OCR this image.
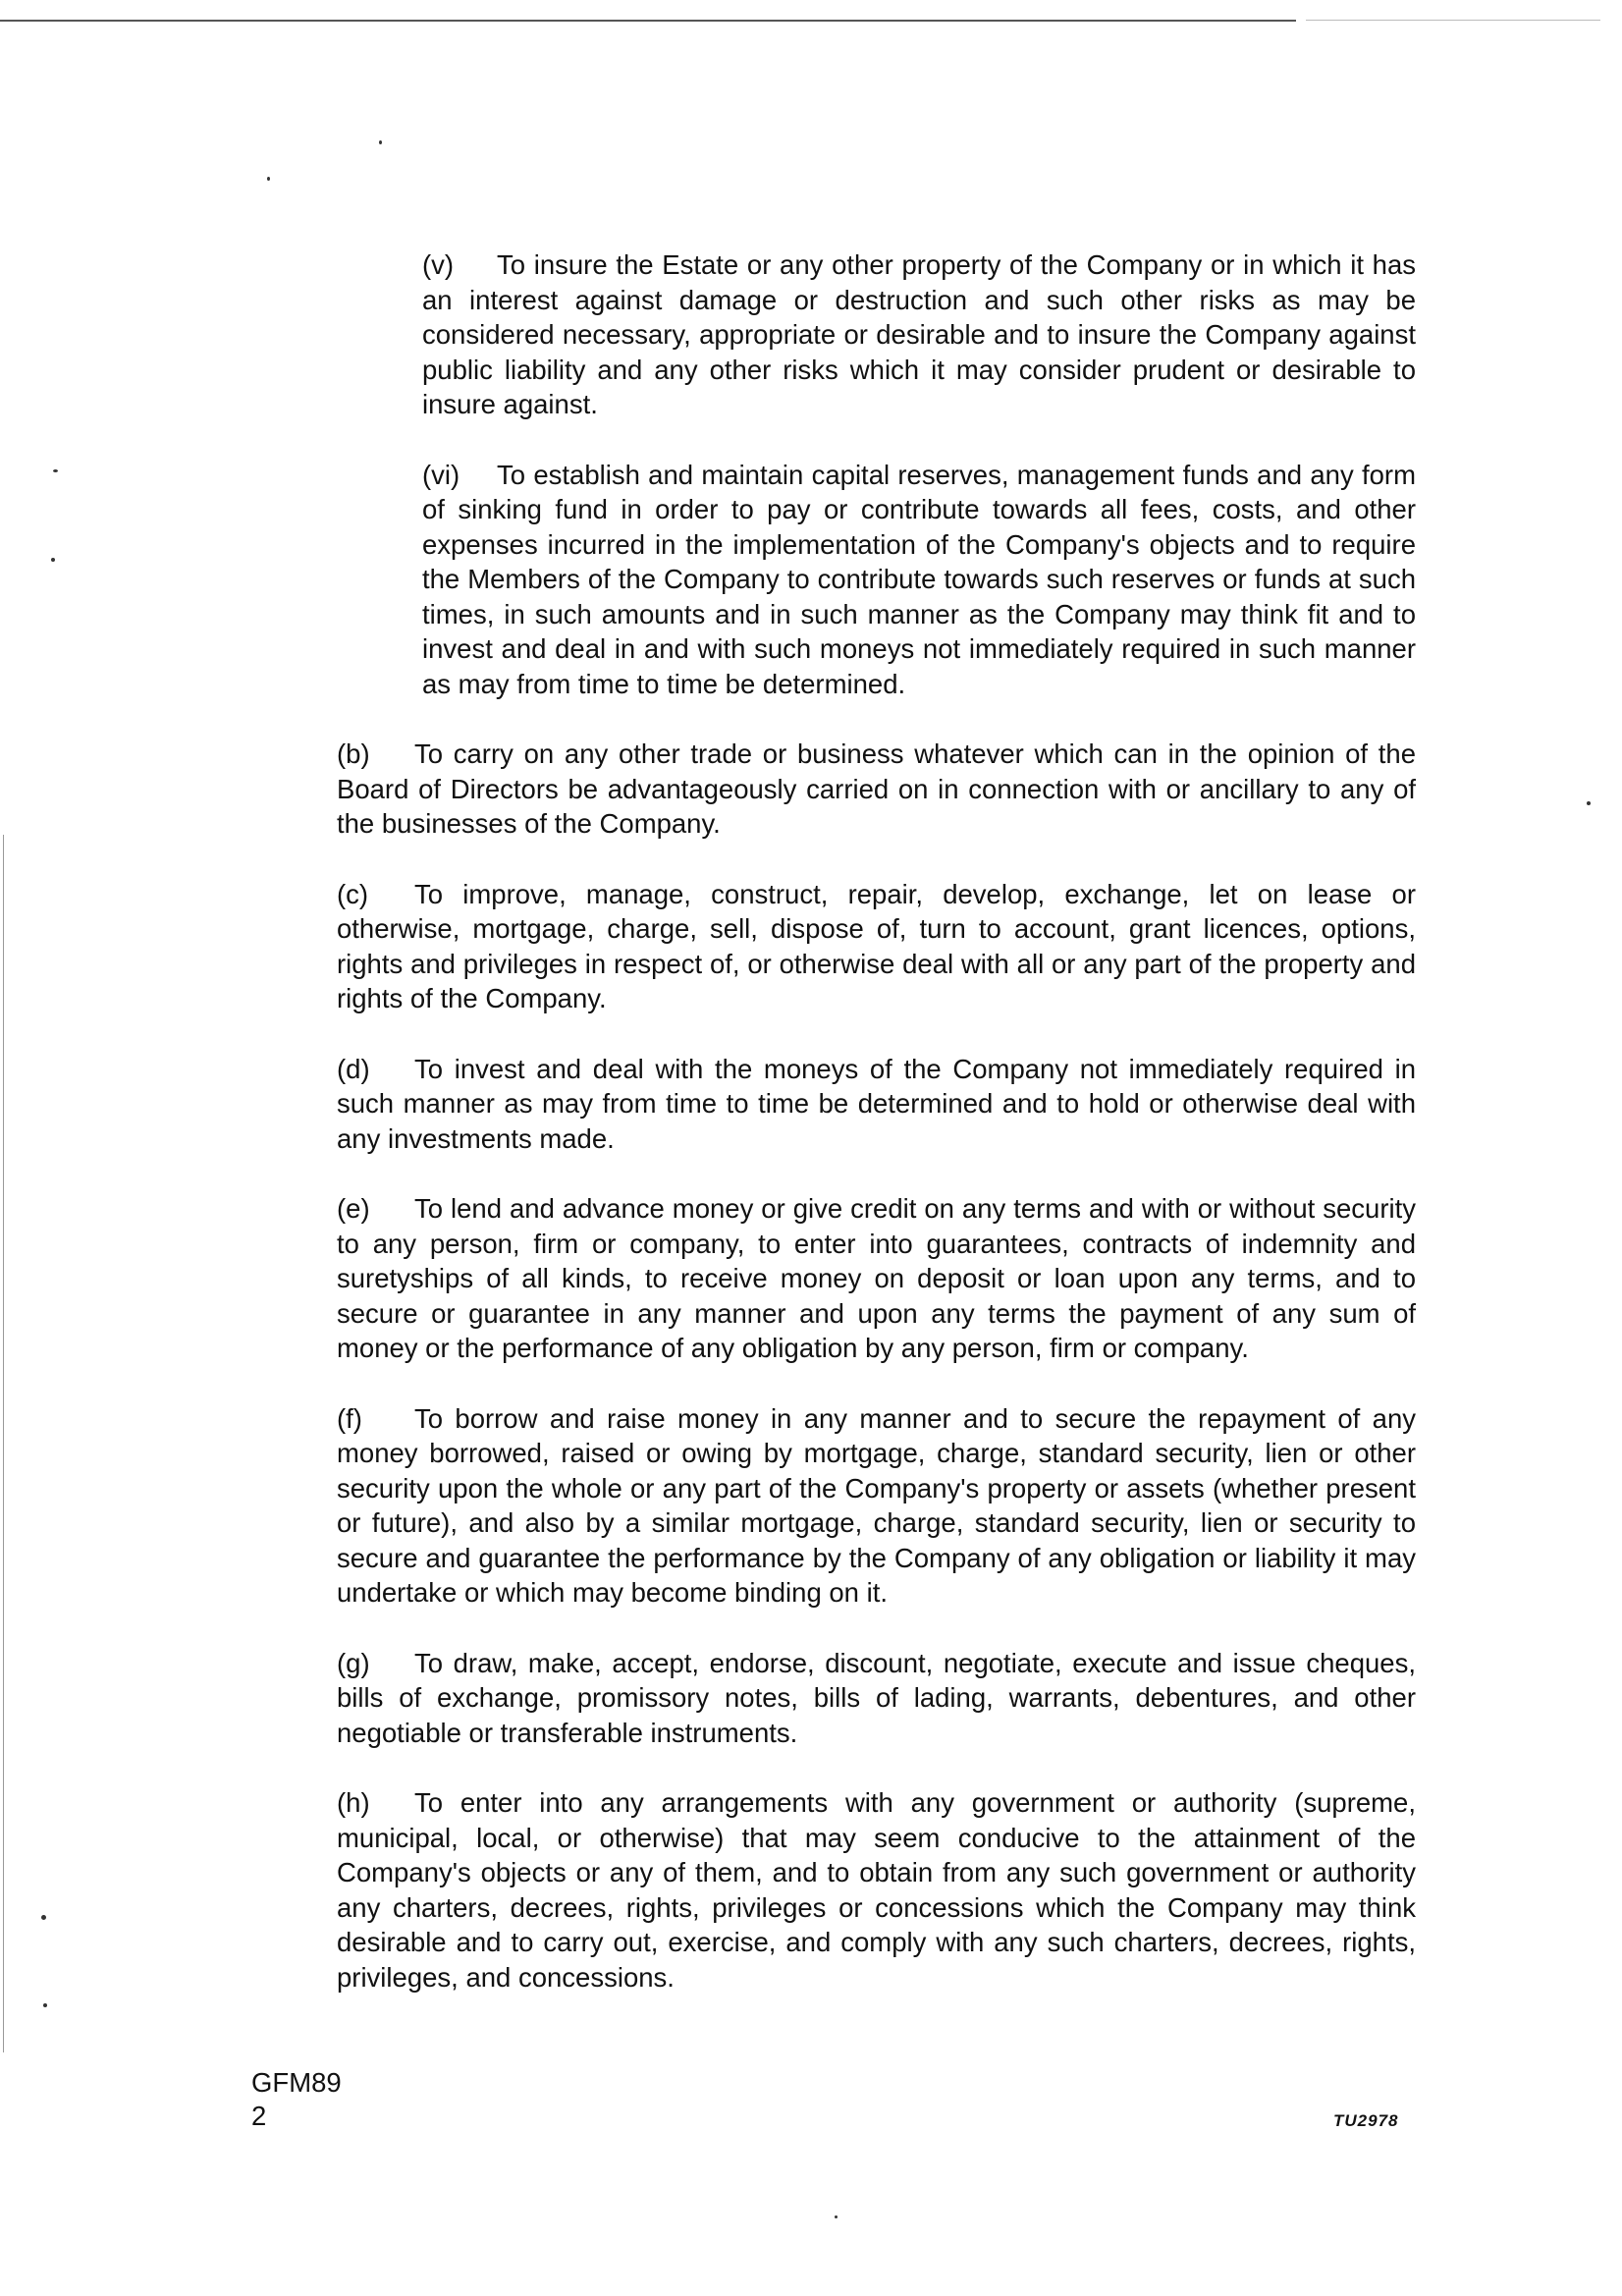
(v) To insure the Estate or any other property of the Company or in which it has an interest against damage or destruction and such other risks as may be considered necessary, appropriate or desirable and to insure the Company against public liability and any other risks which it may consider prudent or desirable to insure against.

(vi) To establish and maintain capital reserves, management funds and any form of sinking fund in order to pay or contribute towards all fees, costs, and other expenses incurred in the implementation of the Company's objects and to require the Members of the Company to contribute towards such reserves or funds at such times, in such amounts and in such manner as the Company may think fit and to invest and deal in and with such moneys not immediately required in such manner as may from time to time be determined.

(b) To carry on any other trade or business whatever which can in the opinion of the Board of Directors be advantageously carried on in connection with or ancillary to any of the businesses of the Company.

(c) To improve, manage, construct, repair, develop, exchange, let on lease or otherwise, mortgage, charge, sell, dispose of, turn to account, grant licences, options, rights and privileges in respect of, or otherwise deal with all or any part of the property and rights of the Company.

(d) To invest and deal with the moneys of the Company not immediately required in such manner as may from time to time be determined and to hold or otherwise deal with any investments made.

(e) To lend and advance money or give credit on any terms and with or without security to any person, firm or company, to enter into guarantees, contracts of indemnity and suretyships of all kinds, to receive money on deposit or loan upon any terms, and to secure or guarantee in any manner and upon any terms the payment of any sum of money or the performance of any obligation by any person, firm or company.

(f) To borrow and raise money in any manner and to secure the repayment of any money borrowed, raised or owing by mortgage, charge, standard security, lien or other security upon the whole or any part of the Company's property or assets (whether present or future), and also by a similar mortgage, charge, standard security, lien or security to secure and guarantee the performance by the Company of any obligation or liability it may undertake or which may become binding on it.

(g) To draw, make, accept, endorse, discount, negotiate, execute and issue cheques, bills of exchange, promissory notes, bills of lading, warrants, debentures, and other negotiable or transferable instruments.

(h) To enter into any arrangements with any government or authority (supreme, municipal, local, or otherwise) that may seem conducive to the attainment of the Company's objects or any of them, and to obtain from any such government or authority any charters, decrees, rights, privileges or concessions which the Company may think desirable and to carry out, exercise, and comply with any such charters, decrees, rights, privileges, and concessions.

GFM89
2	TU2978
